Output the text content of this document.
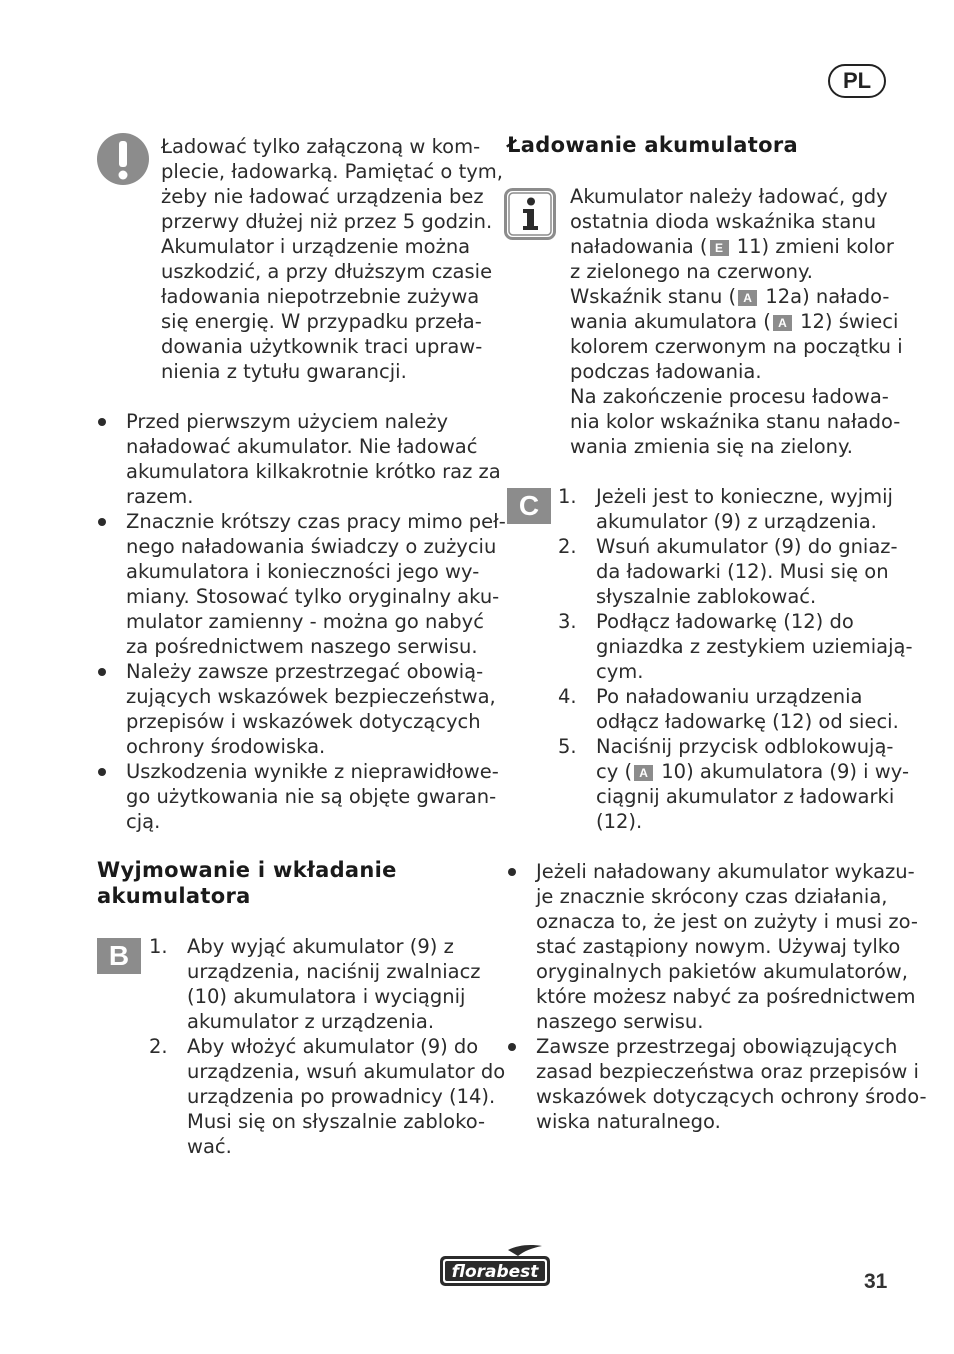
PL
Ładować tylko załączoną w kom-
plecie, ładowarką. Pamiętać o tym,
żeby nie ładować urządzenia bez
przerwy dłużej niż przez 5 godzin.
Akumulator i urządzenie można
uszkodzić, a przy dłuższym czasie
ładowania niepotrzebnie zużywa
się energię. W przypadku przeła-
dowania użytkownik traci upraw-
nienia z tytułu gwarancji.
Przed pierwszym użyciem należy
naładować akumulator. Nie ładować
akumulatora kilkakrotnie krótko raz za
razem.
Znacznie krótszy czas pracy mimo peł-
nego naładowania świadczy o zużyciu
akumulatora i konieczności jego wy-
miany. Stosować tylko oryginalny aku-
mulator zamienny - można go nabyć
za pośrednictwem naszego serwisu.
Należy zawsze przestrzegać obowią-
zujących wskazówek bezpieczeństwa,
przepisów i wskazówek dotyczących
ochrony środowiska.
Uszkodzenia wynikłe z nieprawidłowe-
go użytkowania nie są objęte gwaran-
cją.
Wyjmowanie i wkładanie
akumulatora
B	1. Aby wyjąć akumulator (9) z
urządzenia, naciśnij zwalniacz
(10) akumulatora i wyciągnij
akumulator z urządzenia.
2. Aby włożyć akumulator (9) do
urządzenia, wsuń akumulator do
urządzenia po prowadnicy (14).
Musi się on słyszalnie zabloko-
wać.
Ładowanie akumulatora
Akumulator należy ładować, gdy
ostatnia dioda wskaźnika stanu
naładowania ( E 11) zmieni kolor
z zielonego na czerwony.
Wskaźnik stanu ( A 12a) nałado-
wania akumulatora ( A 12) świeci
kolorem czerwonym na początku i
podczas ładowania.
Na zakończenie procesu ładowa-
nia kolor wskaźnika stanu nałado-
wania zmienia się na zielony.
C 1. Jeżeli jest to konieczne, wyjmij
akumulator (9) z urządzenia.
2. Wsuń akumulator (9) do gniaz-
da ładowarki (12). Musi się on
słyszalnie zablokować.
3. Podłącz ładowarkę (12) do
gniazdka z zestykiem uziemiają-
cym.
4. Po naładowaniu urządzenia
odłącz ładowarkę (12) od sieci.
5. Naciśnij przycisk odblokowują-
cy ( A 10) akumulatora (9) i wy-
ciągnij akumulator z ładowarki
(12).
Jeżeli naładowany akumulator wykazu-
je znacznie skrócony czas działania,
oznacza to, że jest on zużyty i musi zo-
stać zastąpiony nowym. Używaj tylko
oryginalnych pakietów akumulatorów,
które możesz nabyć za pośrednictwem
naszego serwisu.
Zawsze przestrzegaj obowiązujących
zasad bezpieczeństwa oraz przepisów i
wskazówek dotyczących ochrony środo-
wiska naturalnego.
florabest	31
